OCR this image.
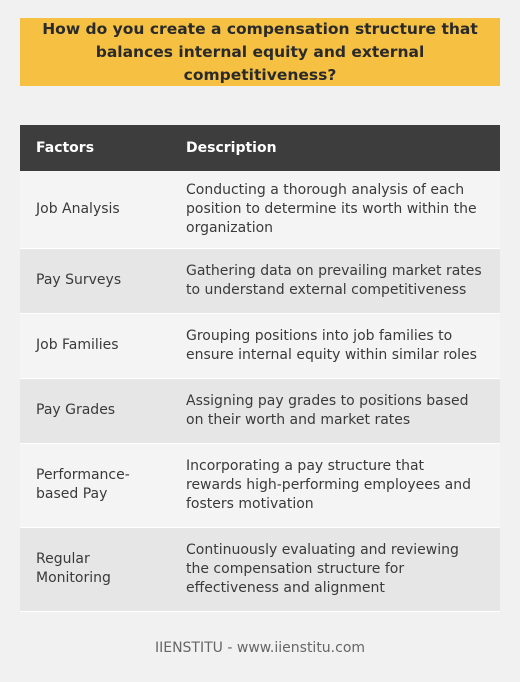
How do you create a compensation structure that balances internal equity and external competitiveness?
Factors	Description
Job Analysis	Conducting a thorough analysis of each position to determine its worth within the organization
Pay Surveys	Gathering data on prevailing market rates to understand external competitiveness
Job Families	Grouping positions into job families to ensure internal equity within similar roles
Pay Grades	Assigning pay grades to positions based on their worth and market rates
Performance-based Pay	Incorporating a pay structure that rewards high-performing employees and fosters motivation
Regular Monitoring	Continuously evaluating and reviewing the compensation structure for effectiveness and alignment
IIENSTITU - www.iienstitu.com
